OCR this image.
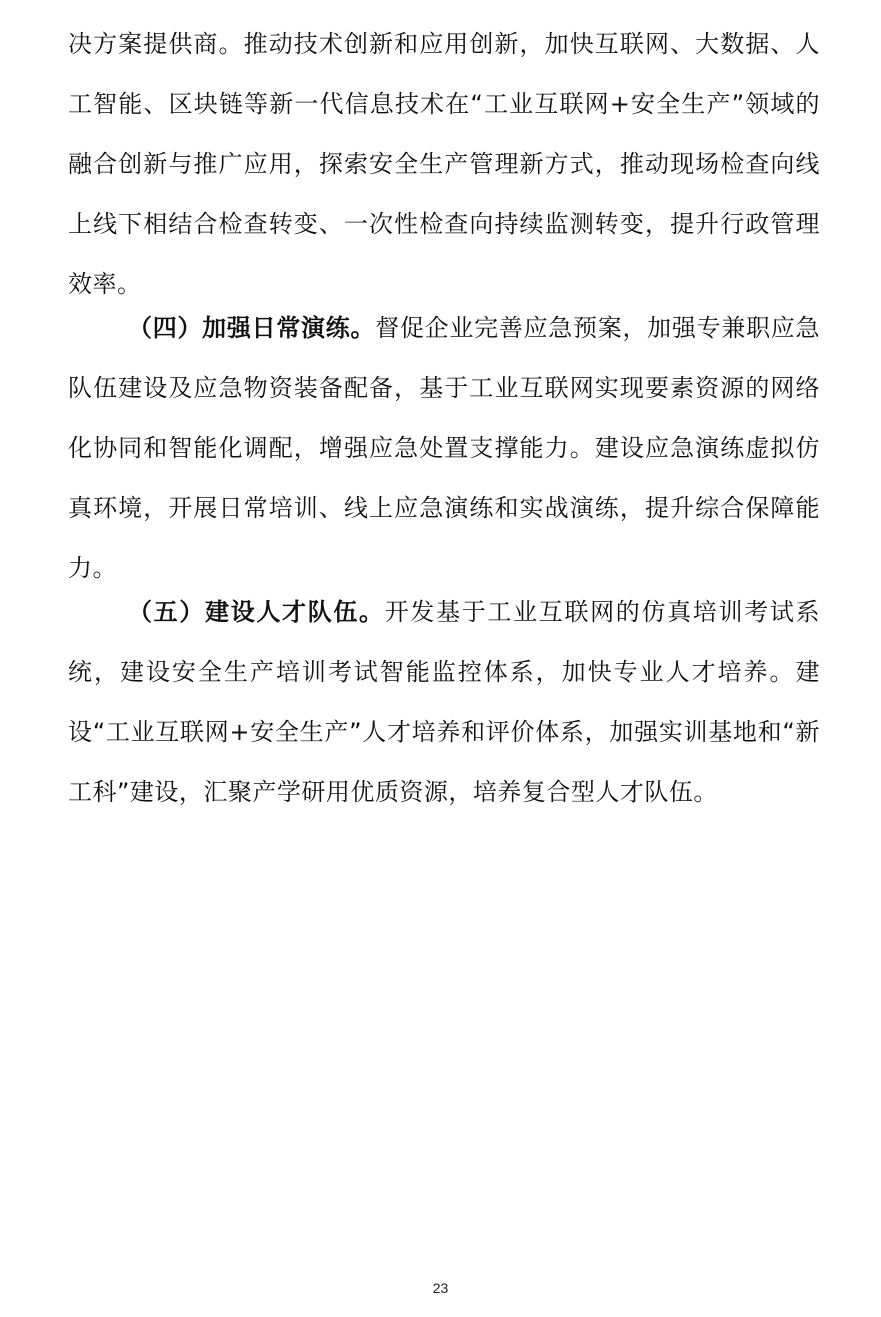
决方案提供商。推动技术创新和应用创新，加快互联网、大数据、人工智能、区块链等新一代信息技术在“工业互联网+安全生产”领域的融合创新与推广应用，探索安全生产管理新方式，推动现场检查向线上线下相结合检查转变、一次性检查向持续监测转变，提升行政管理效率。

（四）加强日常演练。督促企业完善应急预案，加强专兼职应急队伍建设及应急物资装备配备，基于工业互联网实现要素资源的网络化协同和智能化调配，增强应急处置支撑能力。建设应急演练虚拟仿真环境，开展日常培训、线上应急演练和实战演练，提升综合保障能力。

（五）建设人才队伍。开发基于工业互联网的仿真培训考试系统，建设安全生产培训考试智能监控体系，加快专业人才培养。建设“工业互联网+安全生产”人才培养和评价体系，加强实训基地和“新工科”建设，汇聚产学研用优质资源，培养复合型人才队伍。

23
